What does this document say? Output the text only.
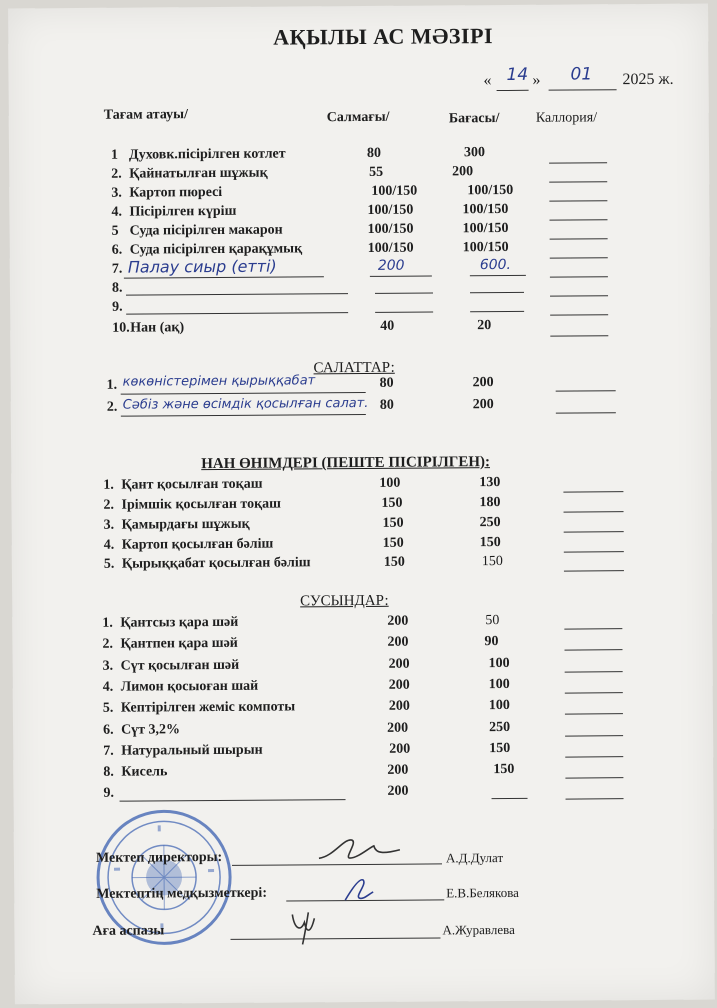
АҚЫЛЫ АС МӘЗІРІ
« 14 » 01 2025 ж.
Тағам атауы/	Салмағы/	Бағасы/	Каллория/
1 Духовк.пісірілген котлет	80	300
2. Қайнатылған шұжық	55	200
3. Картоп пюресі	100/150	100/150
4. Пісірілген күріш	100/150	100/150
5 Суда пісірілген макарон	100/150	100/150
6. Суда пісірілген қарақұмық	100/150	100/150
7. Палау сиыр (етті)	200	600.
8.
9.
10. Нан (ақ)	40	20
САЛАТТАР:
1. көкөністерімен қырыққабат	80	200
2. Сәбіз және өсімдік қосылған салат. 80	200
НАН ӨНІМДЕРІ (ПЕШТЕ ПІСІРІЛГЕН):
1. Қант қосылған тоқаш	100	130
2. Ірімшік қосылған тоқаш	150	180
3. Қамырдағы шұжық	150	250
4. Картоп қосылған бәліш	150	150
5. Қырыққабат қосылған бәліш	150	150
СУСЫНДАР:
1. Қантсыз қара шәй	200	50
2. Қантпен қара шәй	200	90
3. Сүт қосылған шәй	200	100
4. Лимон қосыоған шай	200	100
5. Кептірілген жеміс компоты	200	100
6. Сүт 3,2%	200	250
7. Натуральный шырын	200	150
8. Кисель	200	150
9.	200
Мектеп директоры:	А.Д.Дулат
Мектептің медқызметкері:	Е.В.Белякова
Аға аспазы	А.Журавлева
